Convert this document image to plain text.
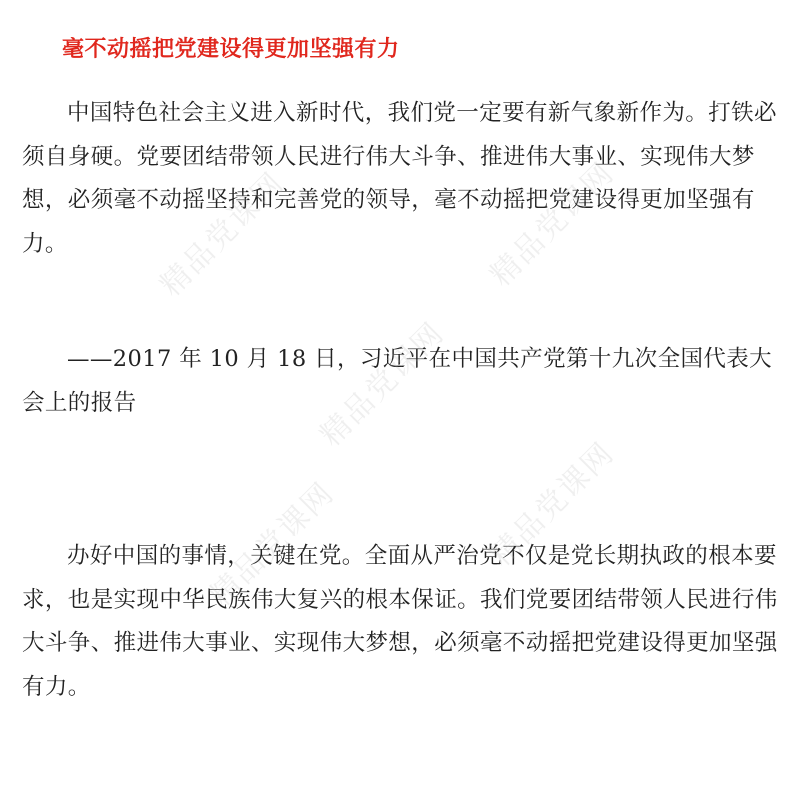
毫不动摇把党建设得更加坚强有力

中国特色社会主义进入新时代，我们党一定要有新气象新作为。打铁必须自身硬。党要团结带领人民进行伟大斗争、推进伟大事业、实现伟大梦想，必须毫不动摇坚持和完善党的领导，毫不动摇把党建设得更加坚强有力。

——2017 年 10 月 18 日，习近平在中国共产党第十九次全国代表大会上的报告

办好中国的事情，关键在党。全面从严治党不仅是党长期执政的根本要求，也是实现中华民族伟大复兴的根本保证。我们党要团结带领人民进行伟大斗争、推进伟大事业、实现伟大梦想，必须毫不动摇把党建设得更加坚强有力。

精品党课网	精品党课网
精品党课网
精品党课网	精品党课网
